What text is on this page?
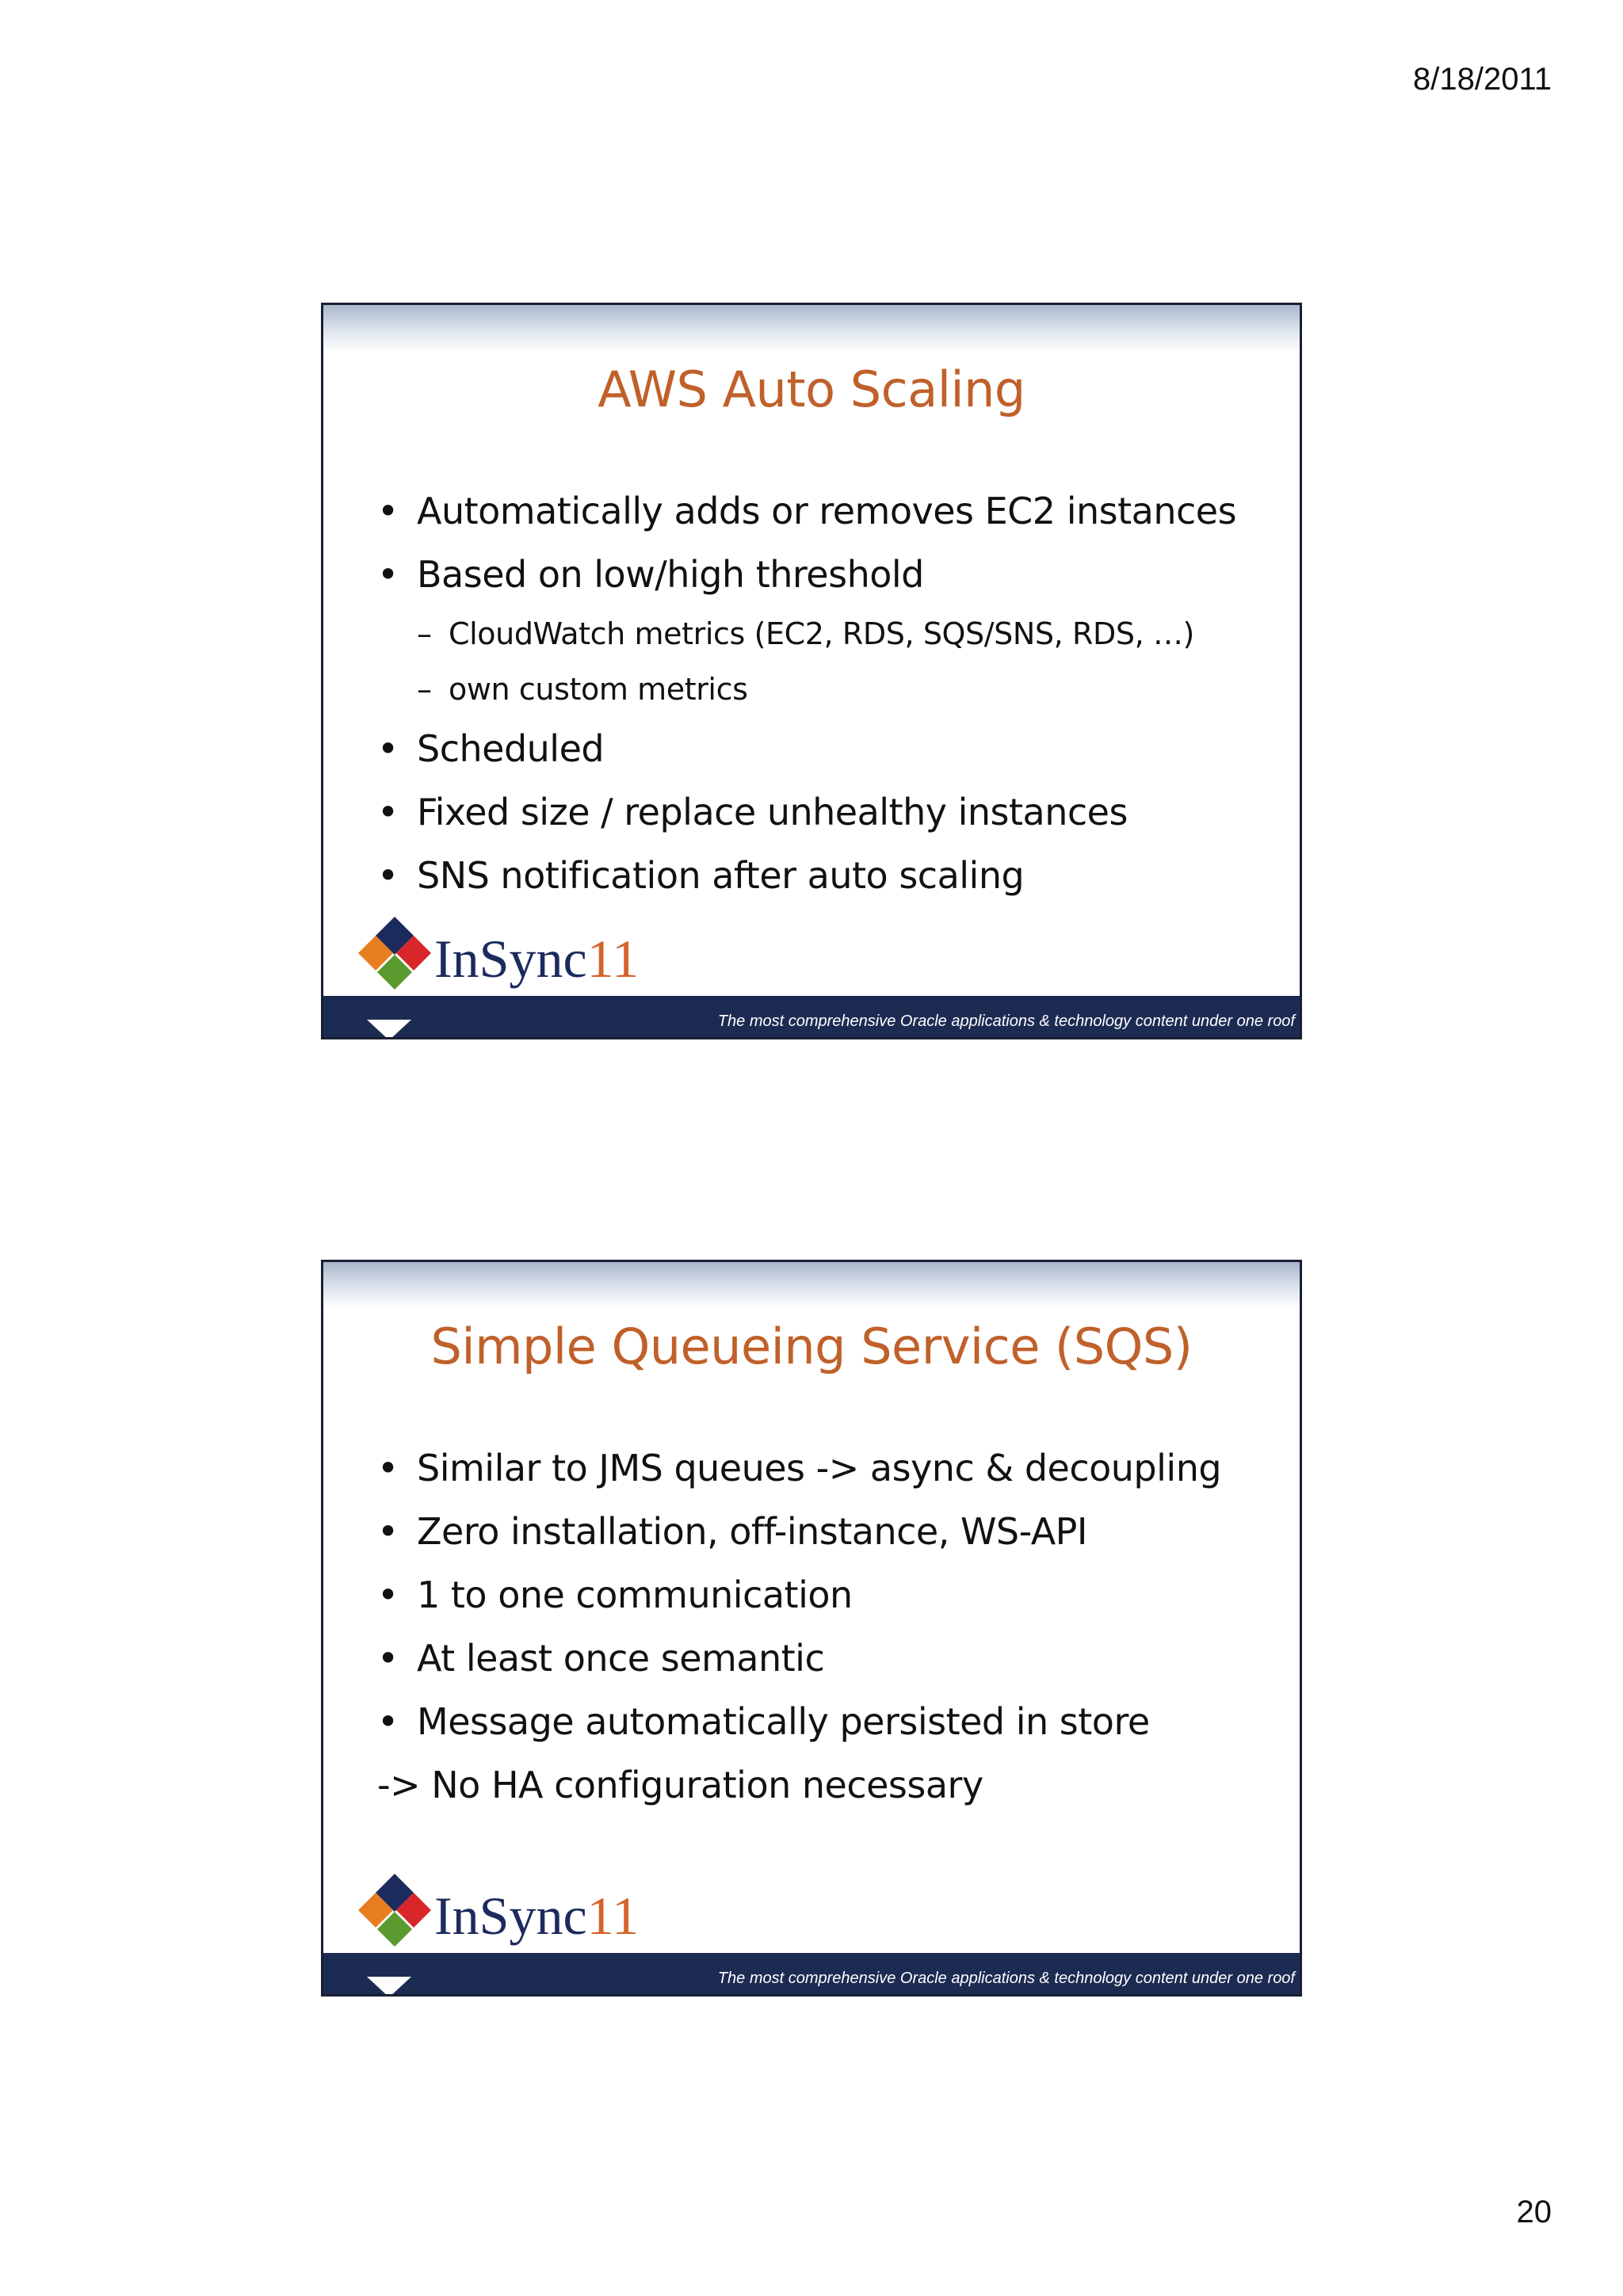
8/18/2011
AWS Auto Scaling
• Automatically adds or removes EC2 instances
• Based on low/high threshold
– CloudWatch metrics (EC2, RDS, SQS/SNS, RDS, …)
– own custom metrics
• Scheduled
• Fixed size / replace unhealthy instances
• SNS notification after auto scaling
The most comprehensive Oracle applications & technology content under one roof
InSync11
Simple Queueing Service (SQS)
• Similar to JMS queues -> async & decoupling
• Zero installation, off-instance, WS-API
• 1 to one communication
• At least once semantic
• Message automatically persisted in store
-> No HA configuration necessary
The most comprehensive Oracle applications & technology content under one roof
InSync11
20
